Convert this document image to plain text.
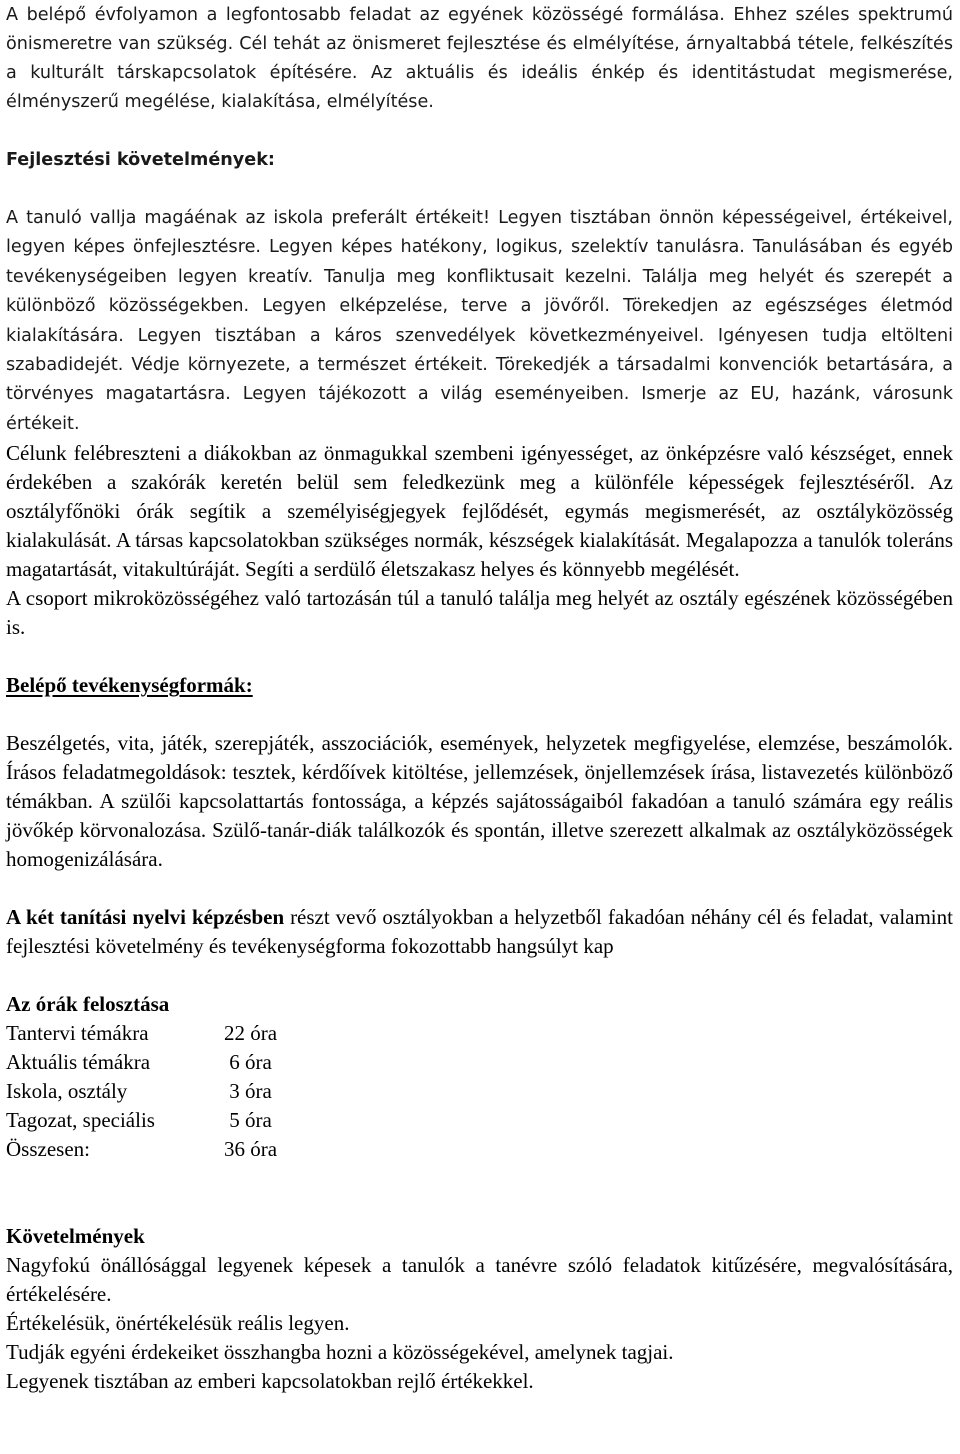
A belépő évfolyamon a legfontosabb feladat az egyének közösségé formálása. Ehhez széles spektrumú önismeretre van szükség. Cél tehát az önismeret fejlesztése és elmélyítése, árnyaltabbá tétele, felkészítés a kulturált társkapcsolatok építésére. Az aktuális és ideális énkép és identitástudat megismerése, élményszerű megélése, kialakítása, elmélyítése.

Fejlesztési követelmények:

A tanuló vallja magáénak az iskola preferált értékeit! Legyen tisztában önnön képességeivel, értékeivel, legyen képes önfejlesztésre. Legyen képes hatékony, logikus, szelektív tanulásra. Tanulásában és egyéb tevékenységeiben legyen kreatív. Tanulja meg konfliktusait kezelni. Találja meg helyét és szerepét a különböző közösségekben. Legyen elképzelése, terve a jövőről. Törekedjen az egészséges életmód kialakítására. Legyen tisztában a káros szenvedélyek következményeivel. Igényesen tudja eltölteni szabadidejét. Védje környezete, a természet értékeit. Törekedjék a társadalmi konvenciók betartására, a törvényes magatartásra. Legyen tájékozott a világ eseményeiben. Ismerje az EU, hazánk, városunk értékeit.

Célunk felébreszteni a diákokban az önmagukkal szembeni igényességet, az önképzésre való készséget, ennek érdekében a szakórák keretén belül sem feledkezünk meg a különféle képességek fejlesztéséről. Az osztályfőnöki órák segítik a személyiségjegyek fejlődését, egymás megismerését, az osztályközösség kialakulását. A társas kapcsolatokban szükséges normák, készségek kialakítását. Megalapozza a tanulók toleráns magatartását, vitakultúráját. Segíti a serdülő életszakasz helyes és könnyebb megélését.

A csoport mikroközösségéhez való tartozásán túl a tanuló találja meg helyét az osztály egészének közösségében is.

Belépő tevékenységformák:

Beszélgetés, vita, játék, szerepjáték, asszociációk, események, helyzetek megfigyelése, elemzése, beszámolók. Írásos feladatmegoldások: tesztek, kérdőívek kitöltése, jellemzések, önjellemzések írása, listavezetés különböző témákban. A szülői kapcsolattartás fontossága, a képzés sajátosságaiból fakadóan a tanuló számára egy reális jövőkép körvonalozása. Szülő-tanár-diák találkozók és spontán, illetve szerezett alkalmak az osztályközösségek homogenizálására.

A két tanítási nyelvi képzésben részt vevő osztályokban a helyzetből fakadóan néhány cél és feladat, valamint fejlesztési követelmény és tevékenységforma fokozottabb hangsúlyt kap

Az órák felosztása

Tantervi témákra	22 óra
Aktuális témákra	6 óra
Iskola, osztály	3 óra
Tagozat, speciális	5 óra
Összesen:	36 óra

Követelmények

Nagyfokú önállósággal legyenek képesek a tanulók a tanévre szóló feladatok kitűzésére, megvalósítására, értékelésére.

Értékelésük, önértékelésük reális legyen.

Tudják egyéni érdekeiket összhangba hozni a közösségekével, amelynek tagjai.

Legyenek tisztában az emberi kapcsolatokban rejlő értékekkel.
